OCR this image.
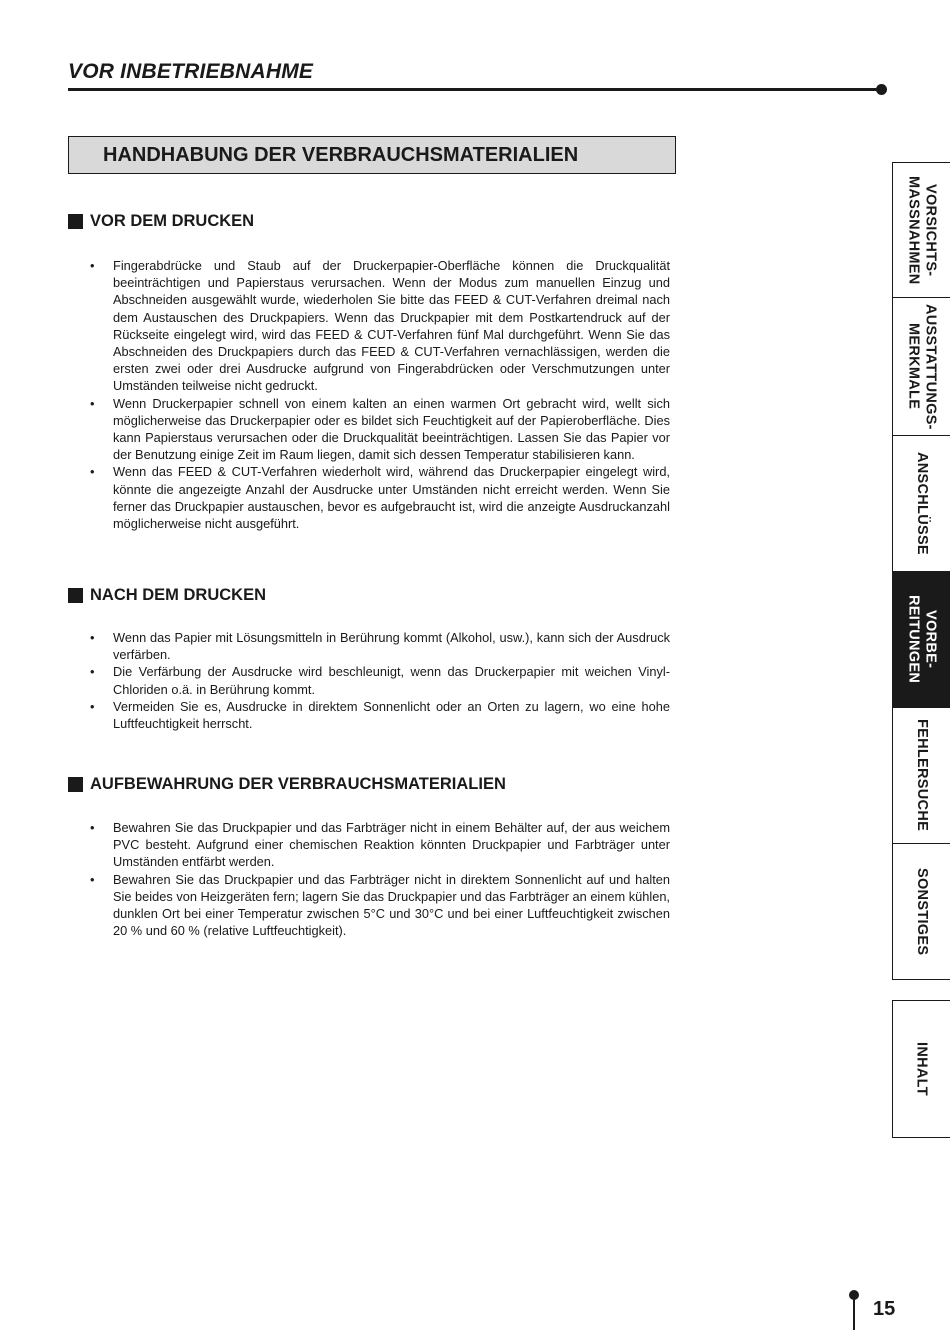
VOR INBETRIEBNAHME
HANDHABUNG DER VERBRAUCHSMATERIALIEN
VOR DEM DRUCKEN
• Fingerabdrücke und Staub auf der Druckerpapier-Oberfläche können die Druckqualität beeinträchtigen und Papierstaus verursachen. Wenn der Modus zum manuellen Einzug und Abschneiden ausgewählt wurde, wiederholen Sie bitte das FEED & CUT-Verfahren dreimal nach dem Austauschen des Druckpapiers. Wenn das Druckpapier mit dem Postkartendruck auf der Rückseite eingelegt wird, wird das FEED & CUT-Verfahren fünf Mal durchgeführt. Wenn Sie das Abschneiden des Druckpapiers durch das FEED & CUT-Verfahren vernachlässigen, werden die ersten zwei oder drei Ausdrucke aufgrund von Fingerabdrücken oder Verschmutzungen unter Umständen teilweise nicht gedruckt.
• Wenn Druckerpapier schnell von einem kalten an einen warmen Ort gebracht wird, wellt sich möglicherweise das Druckerpapier oder es bildet sich Feuchtigkeit auf der Papieroberfläche. Dies kann Papierstaus verursachen oder die Druckqualität beeinträchtigen. Lassen Sie das Papier vor der Benutzung einige Zeit im Raum liegen, damit sich dessen Temperatur stabilisieren kann.
• Wenn das FEED & CUT-Verfahren wiederholt wird, während das Druckerpapier eingelegt wird, könnte die angezeigte Anzahl der Ausdrucke unter Umständen nicht erreicht werden. Wenn Sie ferner das Druckpapier austauschen, bevor es aufgebraucht ist, wird die anzeigte Ausdruckanzahl möglicherweise nicht ausgeführt.
NACH DEM DRUCKEN
• Wenn das Papier mit Lösungsmitteln in Berührung kommt (Alkohol, usw.), kann sich der Ausdruck verfärben.
• Die Verfärbung der Ausdrucke wird beschleunigt, wenn das Druckerpapier mit weichen Vinyl-Chloriden o.ä. in Berührung kommt.
• Vermeiden Sie es, Ausdrucke in direktem Sonnenlicht oder an Orten zu lagern, wo eine hohe Luftfeuchtigkeit herrscht.
AUFBEWAHRUNG DER VERBRAUCHSMATERIALIEN
• Bewahren Sie das Druckpapier und das Farbträger nicht in einem Behälter auf, der aus weichem PVC besteht. Aufgrund einer chemischen Reaktion könnten Druckpapier und Farbträger unter Umständen entfärbt werden.
• Bewahren Sie das Druckpapier und das Farbträger nicht in direktem Sonnenlicht auf und halten Sie beides von Heizgeräten fern; lagern Sie das Druckpapier und das Farbträger an einem kühlen, dunklen Ort bei einer Temperatur zwischen 5°C und 30°C und bei einer Luftfeuchtigkeit zwischen 20 % und 60 % (relative Luftfeuchtigkeit).
VORSICHTS-
MASSNAHMEN
AUSSTATTUNGS-
MERKMALE
ANSCHLÜSSE
VORBE-
REITUNGEN
FEHLERSUCHE
SONSTIGES
INHALT
15
